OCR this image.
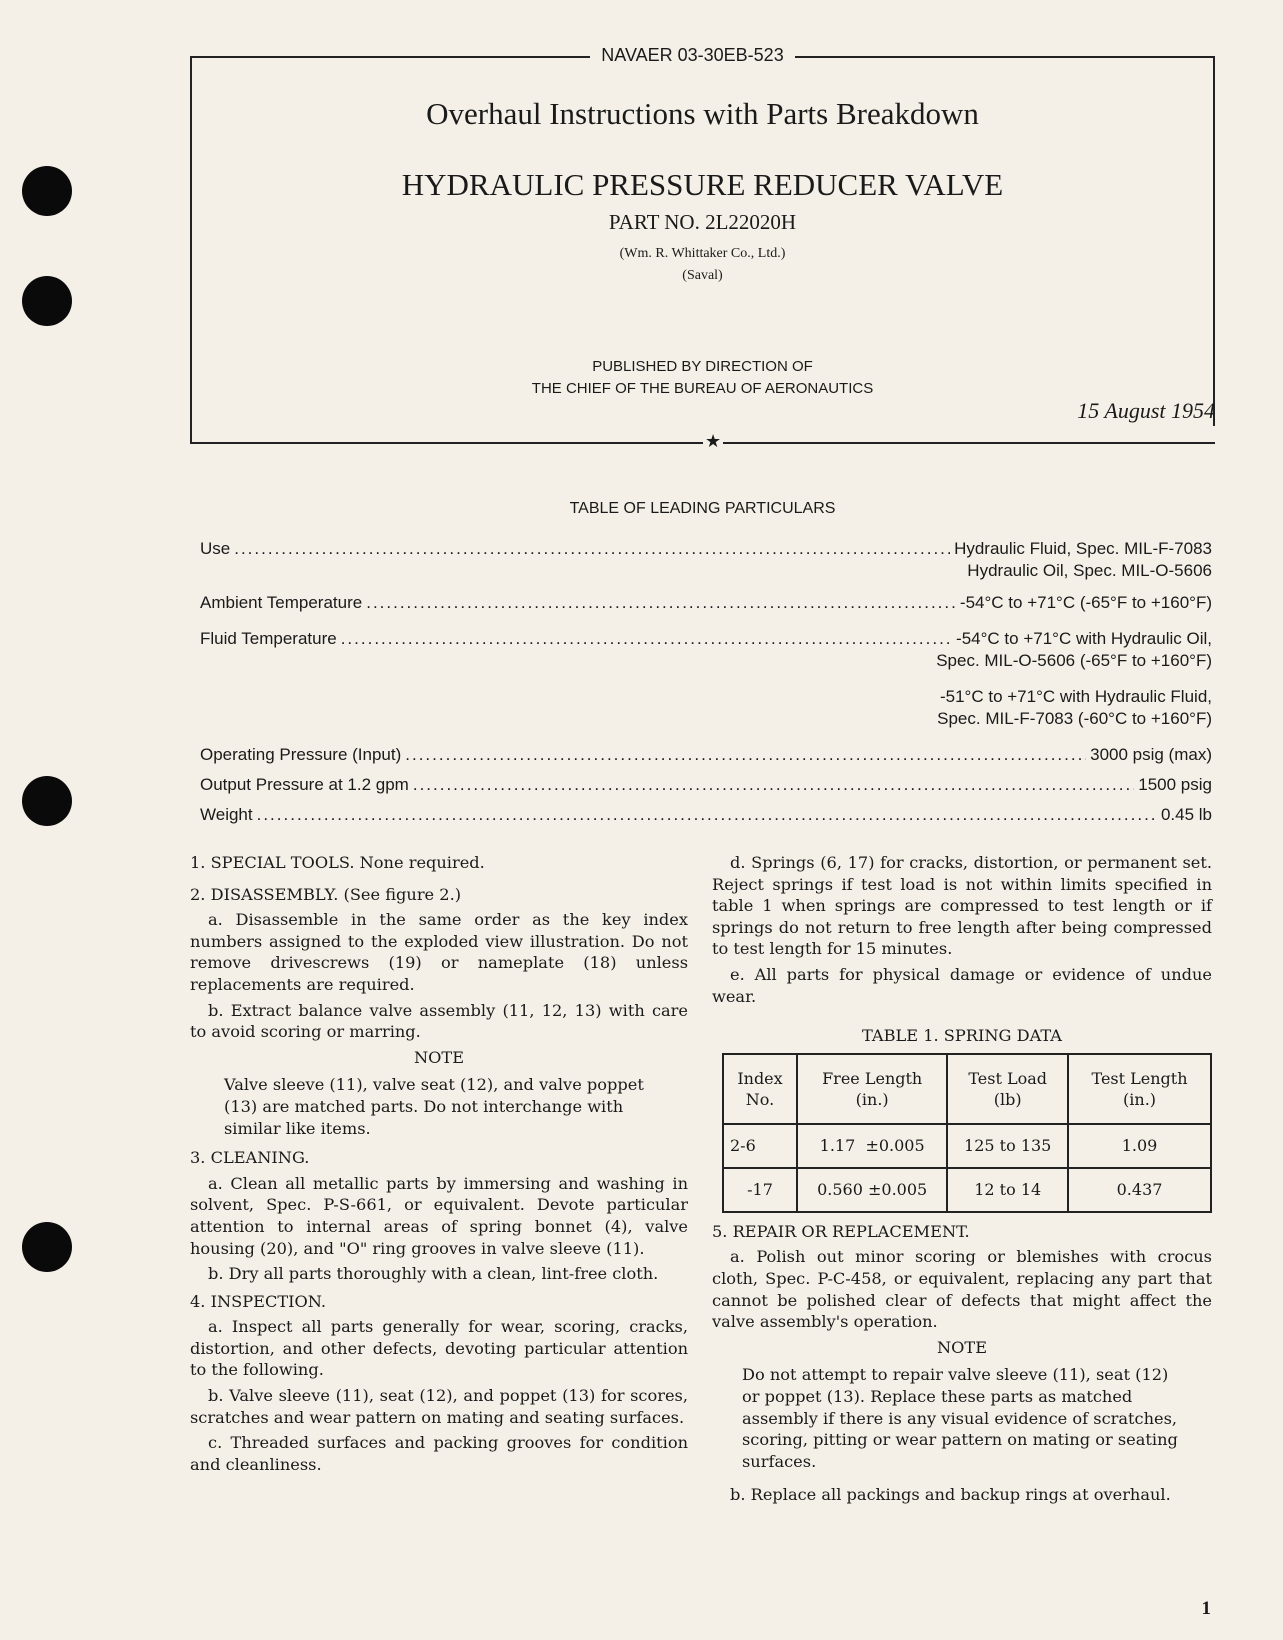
NAVAER 03-30EB-523
Overhaul Instructions with Parts Breakdown
HYDRAULIC PRESSURE REDUCER VALVE
PART NO. 2L22020H
(Wm. R. Whittaker Co., Ltd.)
(Saval)
PUBLISHED BY DIRECTION OF
THE CHIEF OF THE BUREAU OF AERONAUTICS
15 August 1954
★
TABLE OF LEADING PARTICULARS
Use .....	Hydraulic Fluid, Spec. MIL-F-7083
Hydraulic Oil, Spec. MIL-O-5606
Ambient Temperature .....	-54°C to +71°C (-65°F to +160°F)
Fluid Temperature .....	-54°C to +71°C with Hydraulic Oil,
Spec. MIL-O-5606 (-65°F to +160°F)
-51°C to +71°C with Hydraulic Fluid,
Spec. MIL-F-7083 (-60°C to +160°F)
Operating Pressure (Input) .....	3000 psig (max)
Output Pressure at 1.2 gpm .....	1500 psig
Weight .....	0.45 lb

1. SPECIAL TOOLS. None required.

2. DISASSEMBLY. (See figure 2.)

a. Disassemble in the same order as the key index numbers assigned to the exploded view illustration. Do not remove drivescrews (19) or nameplate (18) unless replacements are required.

b. Extract balance valve assembly (11, 12, 13) with care to avoid scoring or marring.

NOTE

Valve sleeve (11), valve seat (12), and valve poppet (13) are matched parts. Do not interchange with similar like items.

3. CLEANING.

a. Clean all metallic parts by immersing and washing in solvent, Spec. P-S-661, or equivalent. Devote particular attention to internal areas of spring bonnet (4), valve housing (20), and "O" ring grooves in valve sleeve (11).

b. Dry all parts thoroughly with a clean, lint-free cloth.

4. INSPECTION.

a. Inspect all parts generally for wear, scoring, cracks, distortion, and other defects, devoting particular attention to the following.

b. Valve sleeve (11), seat (12), and poppet (13) for scores, scratches and wear pattern on mating and seating surfaces.

c. Threaded surfaces and packing grooves for condition and cleanliness.

d. Springs (6, 17) for cracks, distortion, or permanent set. Reject springs if test load is not within limits specified in table 1 when springs are compressed to test length or if springs do not return to free length after being compressed to test length for 15 minutes.

e. All parts for physical damage or evidence of undue wear.

TABLE 1. SPRING DATA

Index No.	Free Length (in.)	Test Load (lb)	Test Length (in.)
2-6	1.17  ±0.005	125 to 135	1.09
-17	0.560 ±0.005	12 to 14	0.437

5. REPAIR OR REPLACEMENT.

a. Polish out minor scoring or blemishes with crocus cloth, Spec. P-C-458, or equivalent, replacing any part that cannot be polished clear of defects that might affect the valve assembly's operation.

NOTE

Do not attempt to repair valve sleeve (11), seat (12) or poppet (13). Replace these parts as matched assembly if there is any visual evidence of scratches, scoring, pitting or wear pattern on mating or seating surfaces.

b. Replace all packings and backup rings at overhaul.

1
